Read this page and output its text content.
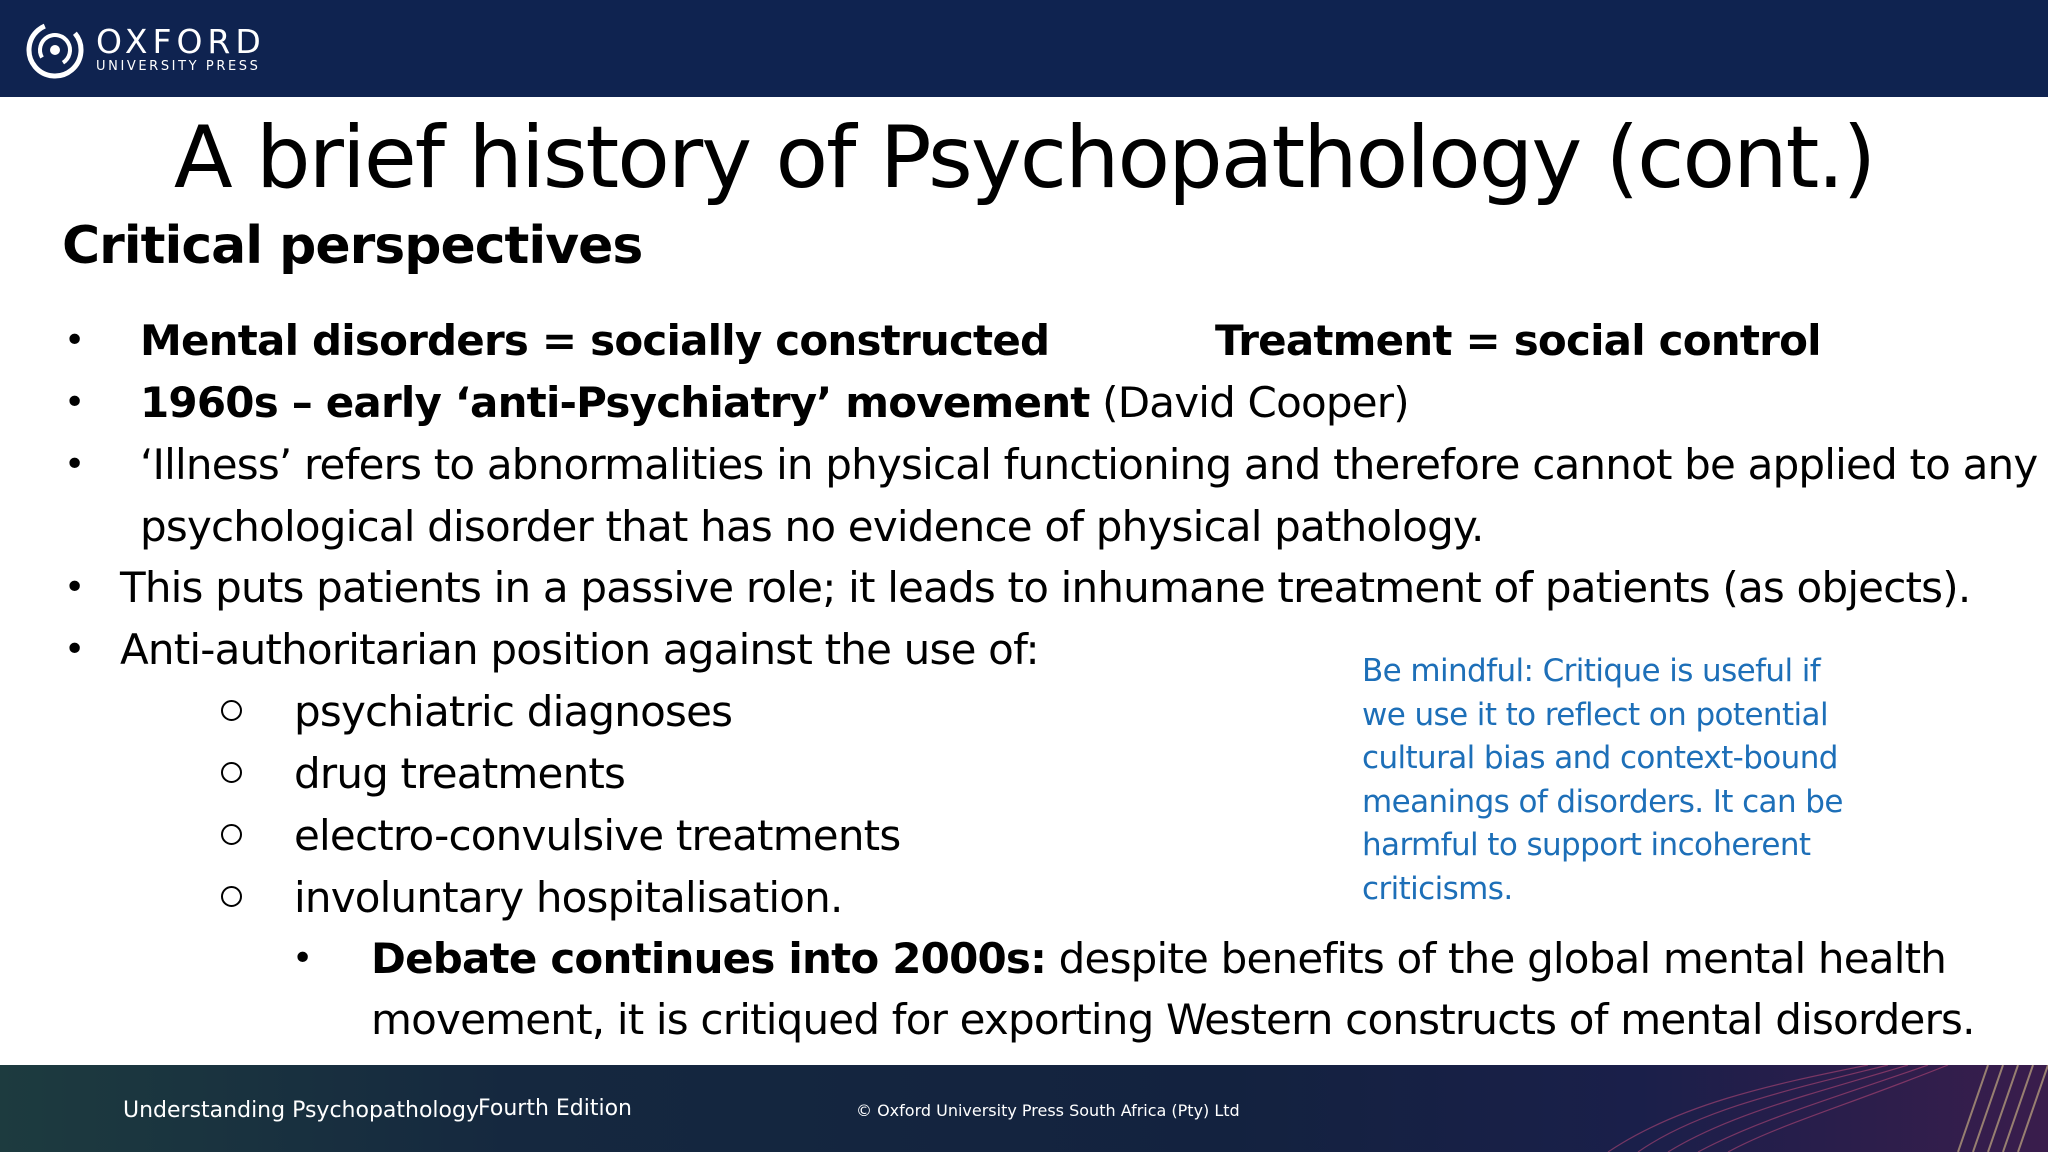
OXFORD
UNIVERSITY PRESS
A brief history of Psychopathology (cont.)
Critical perspectives
• Mental disorders = socially constructed	Treatment = social control
• 1960s – early ‘anti-Psychiatry’ movement (David Cooper)
• ‘Illness’ refers to abnormalities in physical functioning and therefore cannot be applied to any
psychological disorder that has no evidence of physical pathology.
• This puts patients in a passive role; it leads to inhumane treatment of patients (as objects).
• Anti-authoritarian position against the use of:
psychiatric diagnoses
drug treatments
electro-convulsive treatments
involuntary hospitalisation.
• Debate continues into 2000s: despite benefits of the global mental health
movement, it is critiqued for exporting Western constructs of mental disorders.
Be mindful: Critique is useful if
we use it to reflect on potential
cultural bias and context-bound
meanings of disorders. It can be
harmful to support incoherent
criticisms.
Understanding Psychopathology Fourth Edition	© Oxford University Press South Africa (Pty) Ltd
